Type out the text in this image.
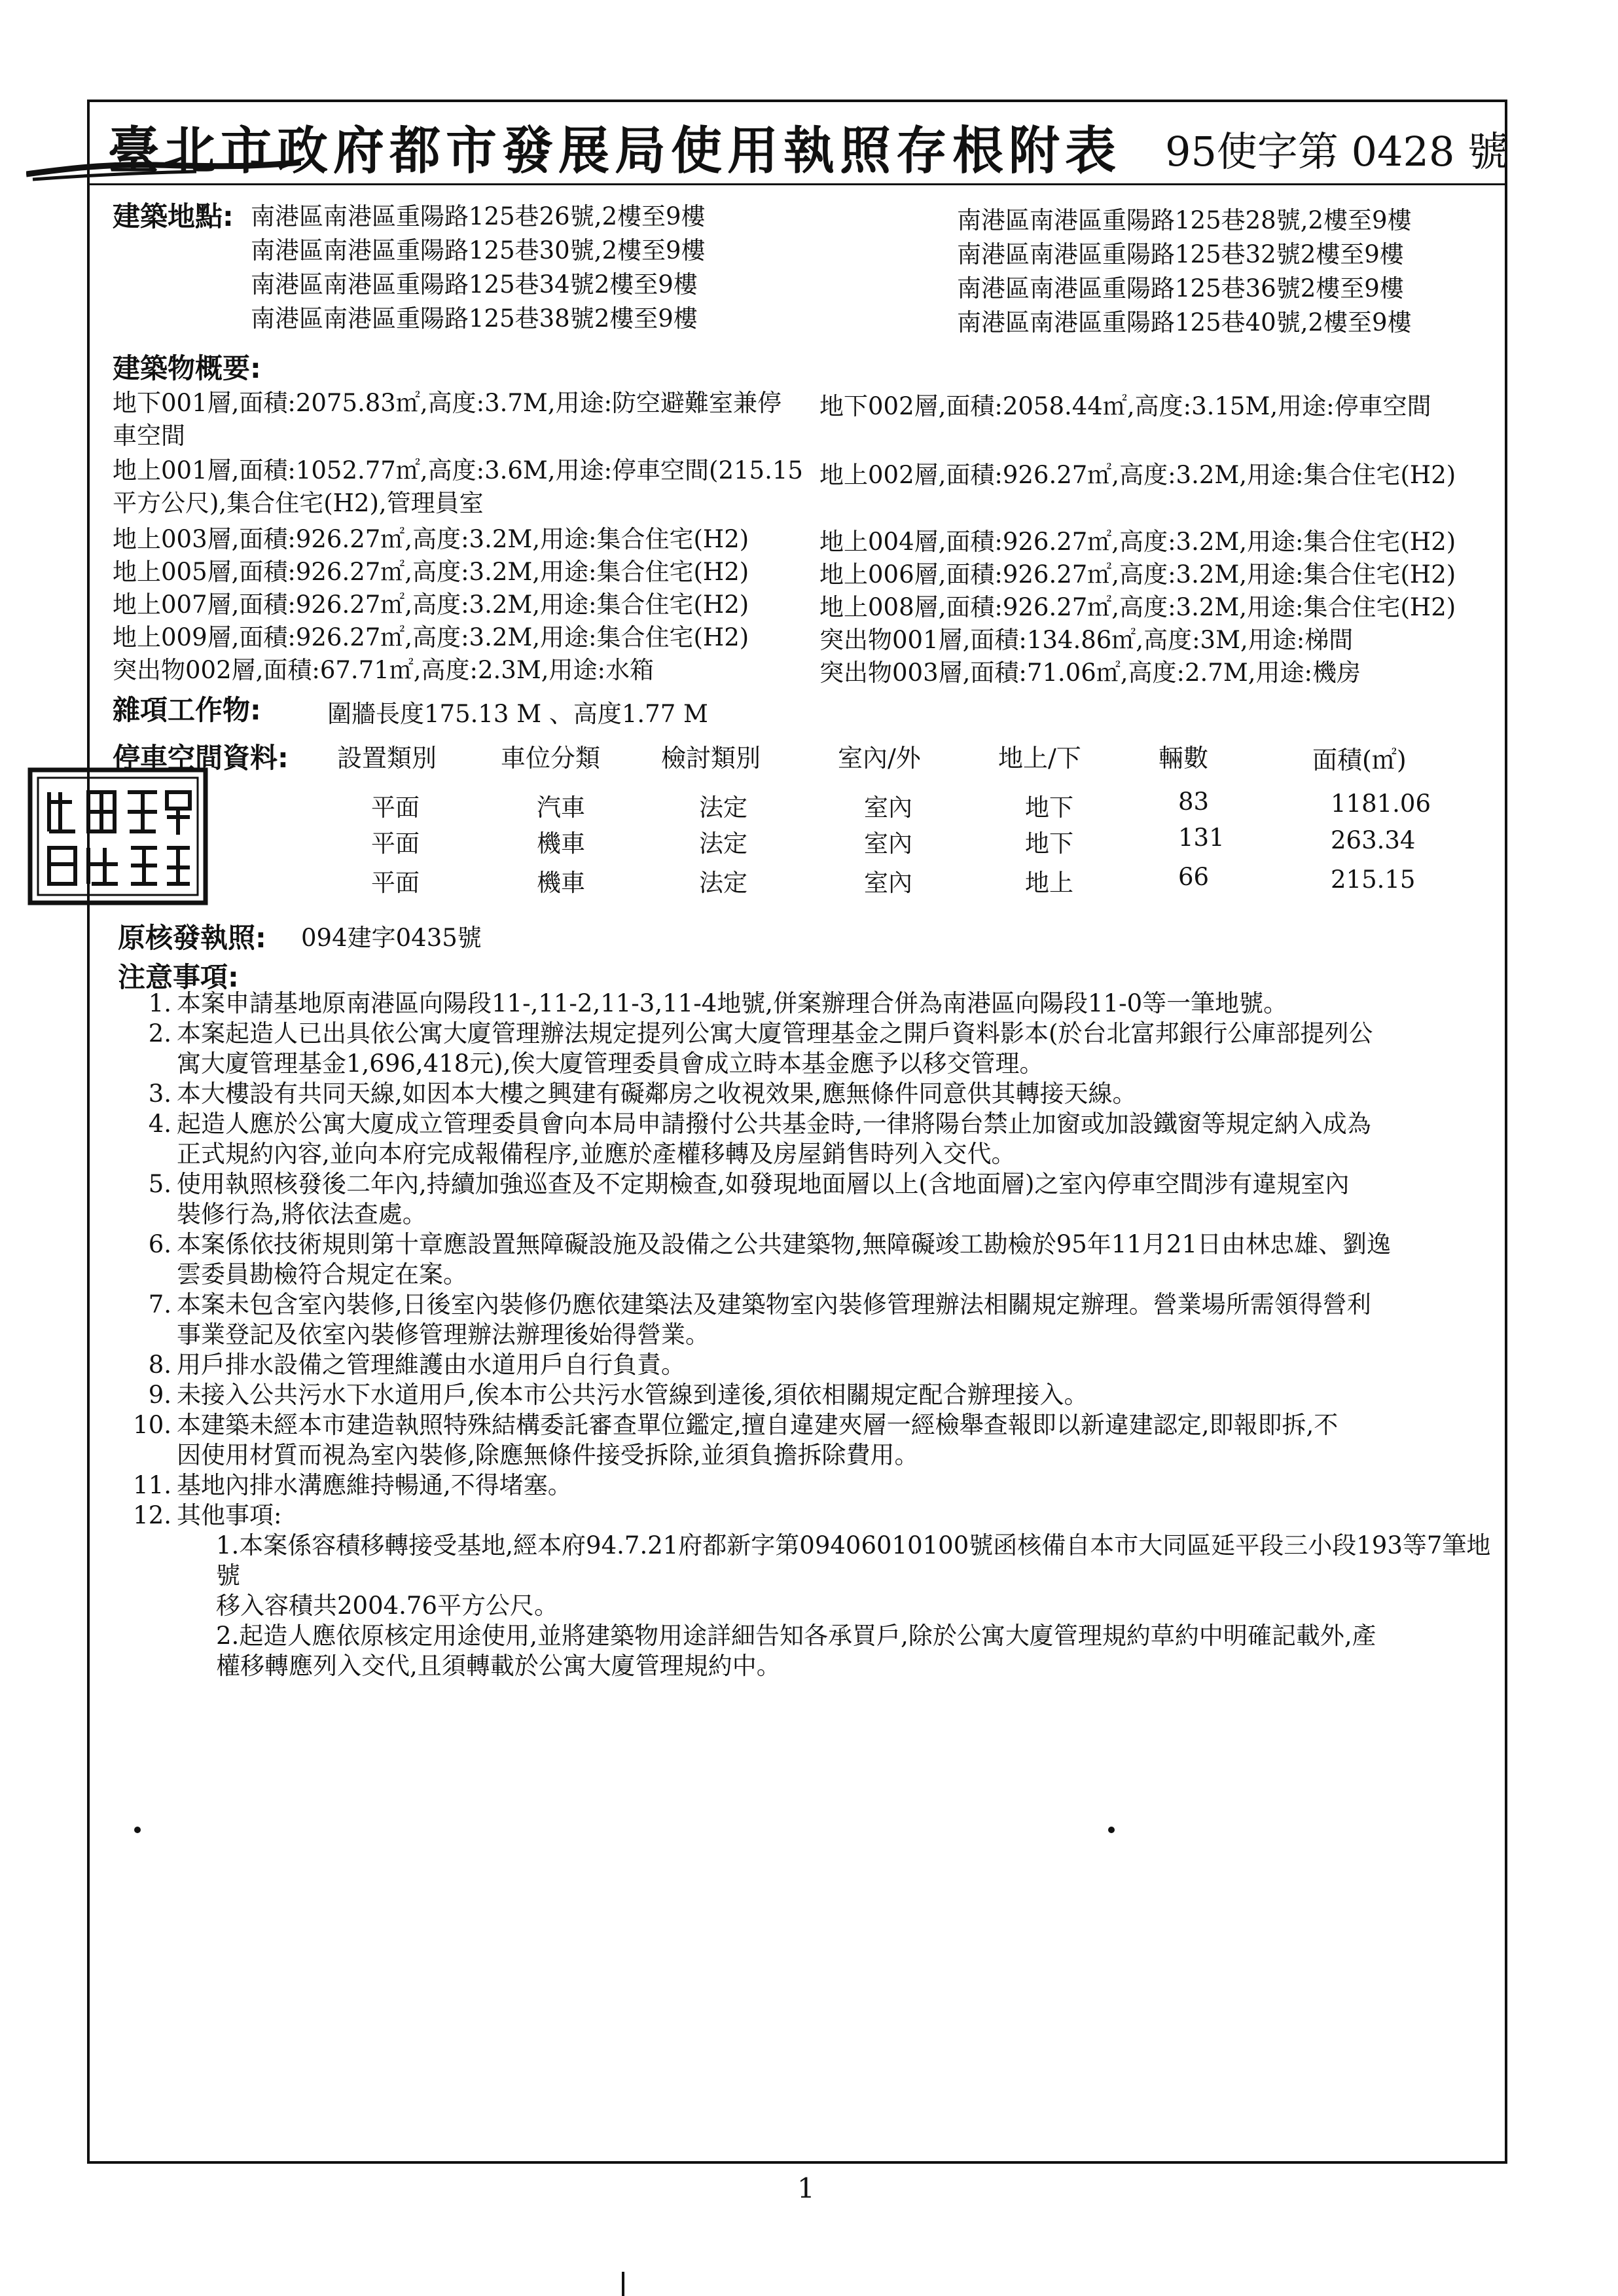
臺北市政府都市發展局使用執照存根附表 95使字第 0428 號
建築地點: 南港區南港區重陽路125巷26號,2樓至9樓
南港區南港區重陽路125巷30號,2樓至9樓
南港區南港區重陽路125巷34號2樓至9樓
南港區南港區重陽路125巷38號2樓至9樓
南港區南港區重陽路125巷28號,2樓至9樓
南港區南港區重陽路125巷32號2樓至9樓
南港區南港區重陽路125巷36號2樓至9樓
南港區南港區重陽路125巷40號,2樓至9樓
建築物概要:
地下001層,面積:2075.83㎡,高度:3.7M,用途:防空避難室兼停
車空間
地上001層,面積:1052.77㎡,高度:3.6M,用途:停車空間(215.15
平方公尺),集合住宅(H2),管理員室
地上003層,面積:926.27㎡,高度:3.2M,用途:集合住宅(H2)
地上005層,面積:926.27㎡,高度:3.2M,用途:集合住宅(H2)
地上007層,面積:926.27㎡,高度:3.2M,用途:集合住宅(H2)
地上009層,面積:926.27㎡,高度:3.2M,用途:集合住宅(H2)
突出物002層,面積:67.71㎡,高度:2.3M,用途:水箱
地下002層,面積:2058.44㎡,高度:3.15M,用途:停車空間
地上002層,面積:926.27㎡,高度:3.2M,用途:集合住宅(H2)
地上004層,面積:926.27㎡,高度:3.2M,用途:集合住宅(H2)
地上006層,面積:926.27㎡,高度:3.2M,用途:集合住宅(H2)
地上008層,面積:926.27㎡,高度:3.2M,用途:集合住宅(H2)
突出物001層,面積:134.86㎡,高度:3M,用途:梯間
突出物003層,面積:71.06㎡,高度:2.7M,用途:機房
雜項工作物:	圍牆長度175.13 M 、高度1.77 M
停車空間資料: 設置類別	車位分類 檢討類別	室內/外	地上/下	輛數	面積(㎡)
平面	汽車	法定	室內	地下	83	1181.06
平面	機車	法定	室內	地下	131	263.34
平面	機車	法定	室內	地上	66	215.15
原核發執照: 094建字0435號
注意事項:
1. 本案申請基地原南港區向陽段11-,11-2,11-3,11-4地號,併案辦理合併為南港區向陽段11-0等一筆地號。
2. 本案起造人已出具依公寓大廈管理辦法規定提列公寓大廈管理基金之開戶資料影本(於台北富邦銀行公庫部提列公
寓大廈管理基金1,696,418元),俟大廈管理委員會成立時本基金應予以移交管理。
3. 本大樓設有共同天線,如因本大樓之興建有礙鄰房之收視效果,應無條件同意供其轉接天線。
4. 起造人應於公寓大廈成立管理委員會向本局申請撥付公共基金時,一律將陽台禁止加窗或加設鐵窗等規定納入成為
正式規約內容,並向本府完成報備程序,並應於產權移轉及房屋銷售時列入交代。
5. 使用執照核發後二年內,持續加強巡查及不定期檢查,如發現地面層以上(含地面層)之室內停車空間涉有違規室內
裝修行為,將依法查處。
6. 本案係依技術規則第十章應設置無障礙設施及設備之公共建築物,無障礙竣工勘檢於95年11月21日由林忠雄、劉逸
雲委員勘檢符合規定在案。
7. 本案未包含室內裝修,日後室內裝修仍應依建築法及建築物室內裝修管理辦法相關規定辦理。營業場所需領得營利
事業登記及依室內裝修管理辦法辦理後始得營業。
8. 用戶排水設備之管理維護由水道用戶自行負責。
9. 未接入公共污水下水道用戶,俟本市公共污水管線到達後,須依相關規定配合辦理接入。
10. 本建築未經本市建造執照特殊結構委託審查單位鑑定,擅自違建夾層一經檢舉查報即以新違建認定,即報即拆,不
因使用材質而視為室內裝修,除應無條件接受拆除,並須負擔拆除費用。
11. 基地內排水溝應維持暢通,不得堵塞。
12. 其他事項:
1.本案係容積移轉接受基地,經本府94.7.21府都新字第09406010100號函核備自本市大同區延平段三小段193等7筆地號
移入容積共2004.76平方公尺。
2.起造人應依原核定用途使用,並將建築物用途詳細告知各承買戶,除於公寓大廈管理規約草約中明確記載外,產
權移轉應列入交代,且須轉載於公寓大廈管理規約中。
1
